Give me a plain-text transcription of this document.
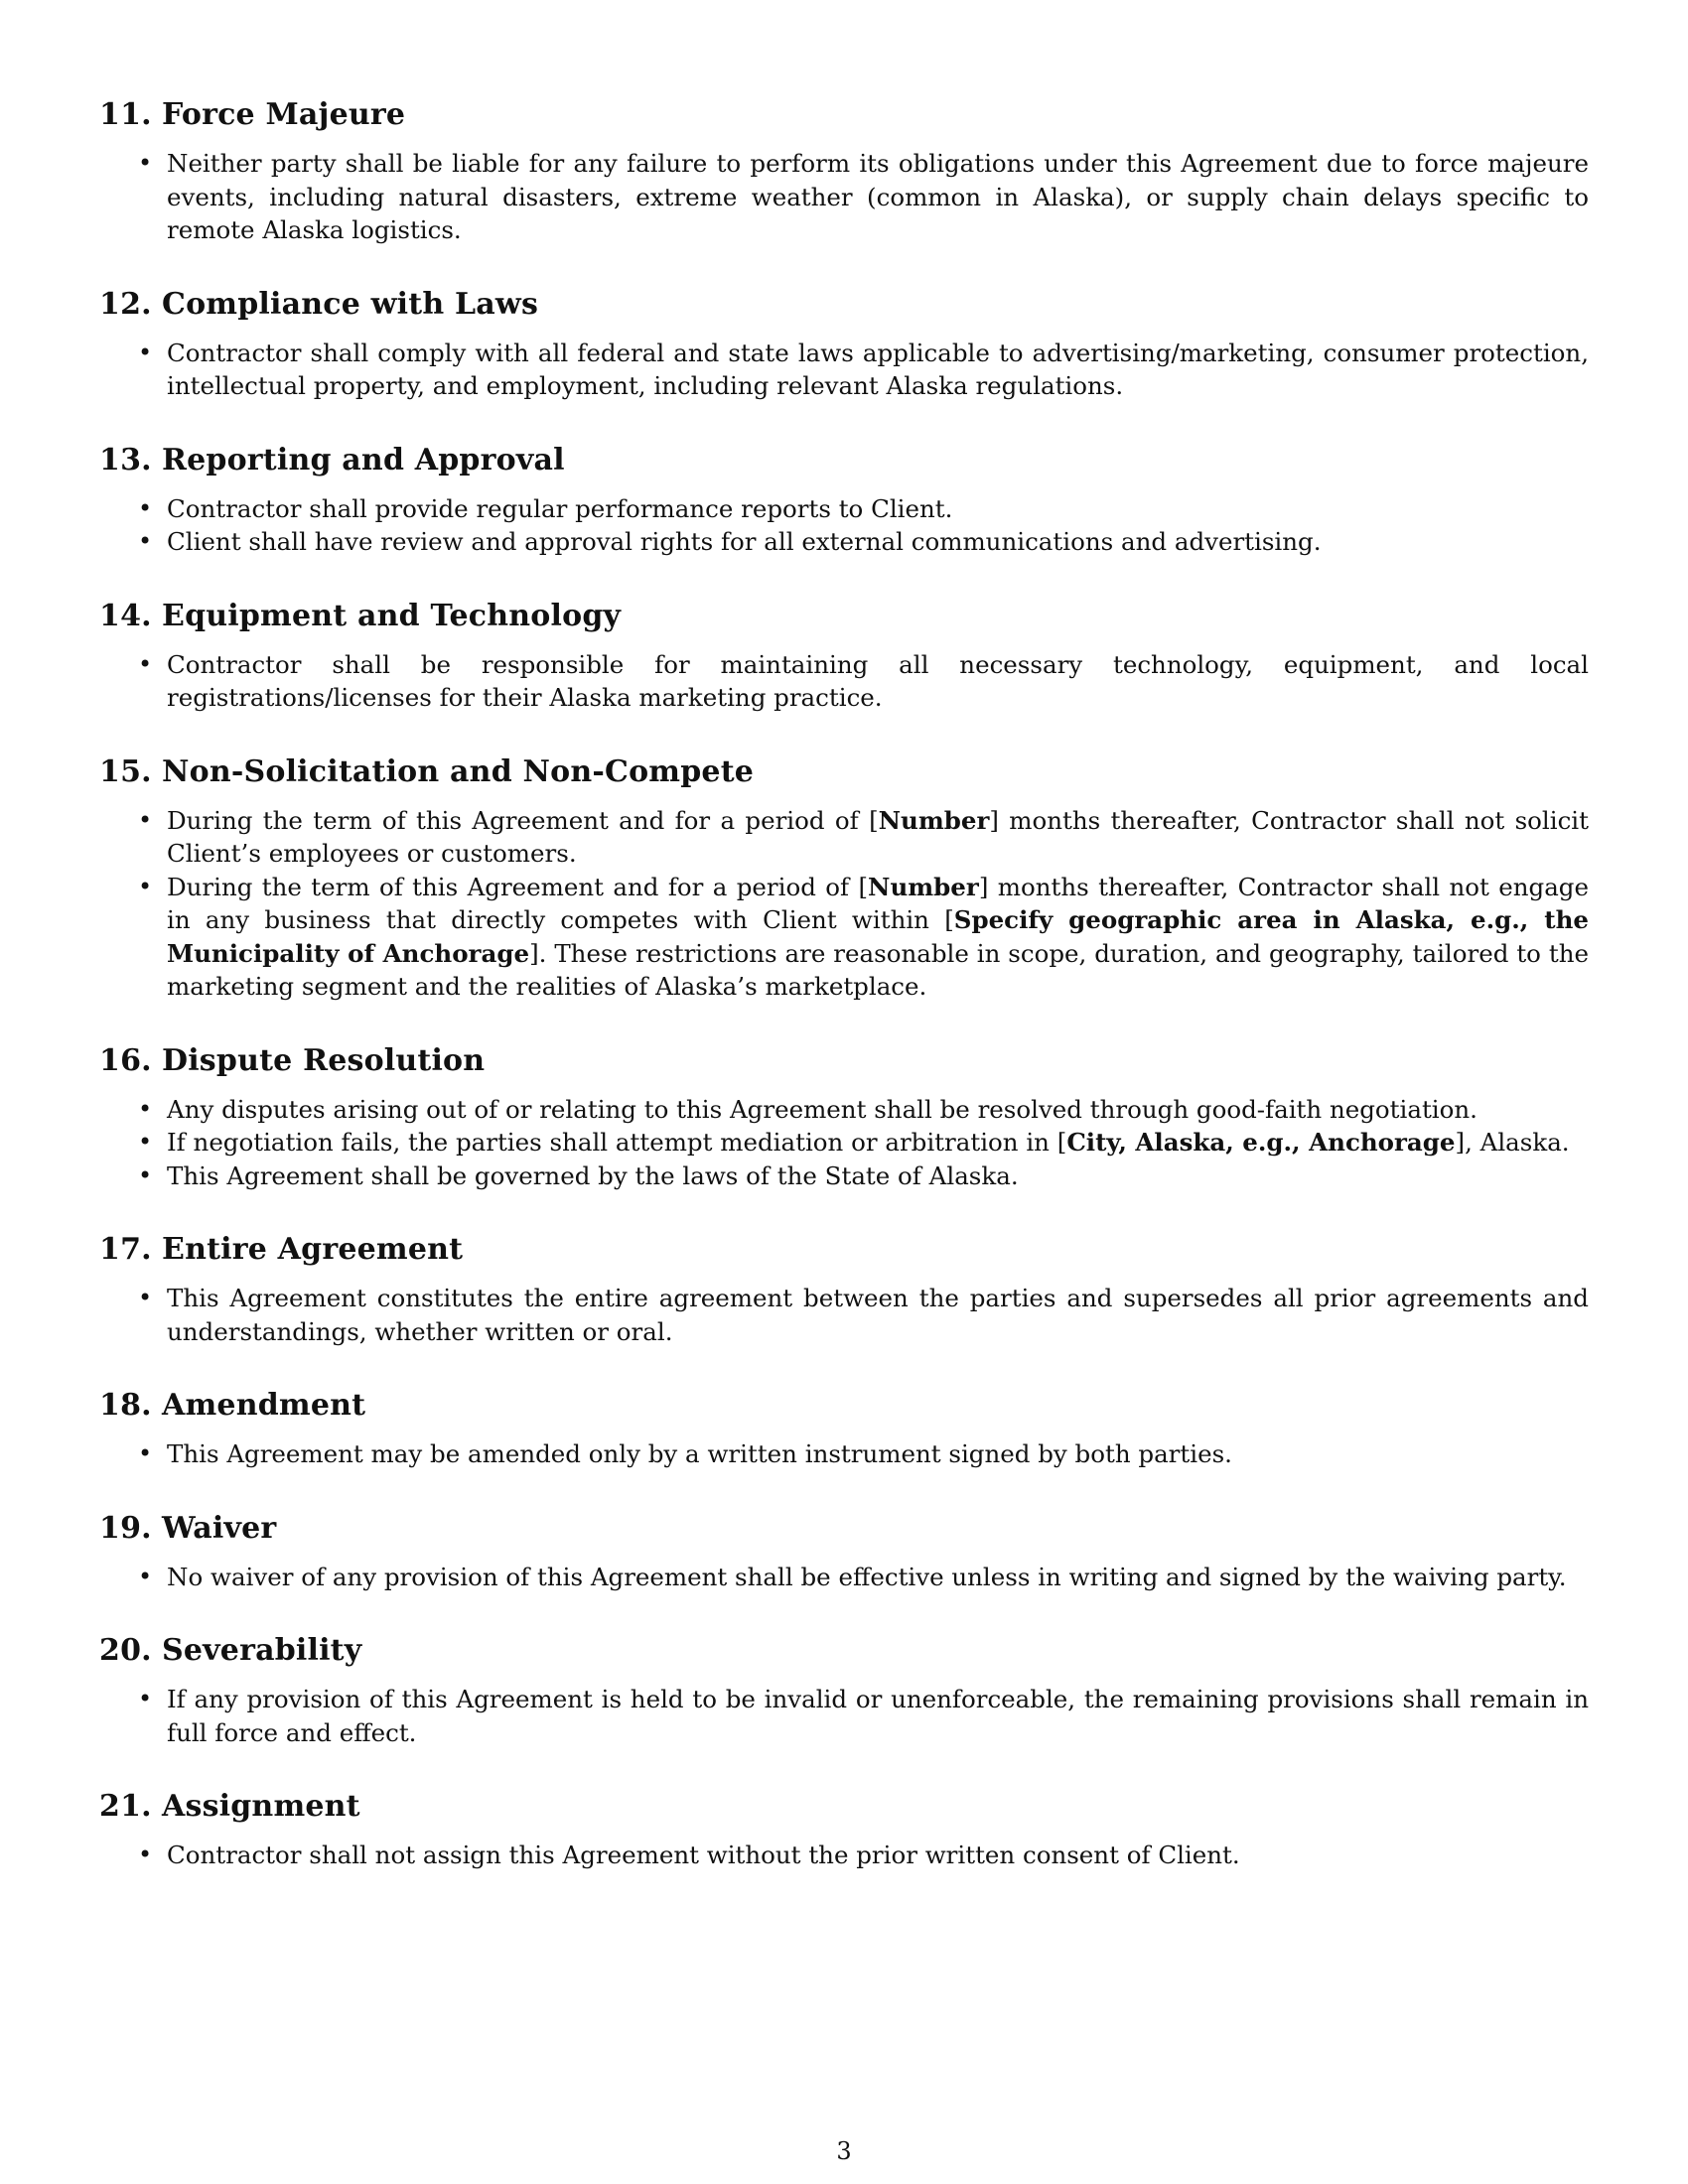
11. Force Majeure
• Neither party shall be liable for any failure to perform its obligations under this Agreement due to force majeure events, including natural disasters, extreme weather (common in Alaska), or supply chain delays specific to remote Alaska logistics.
12. Compliance with Laws
• Contractor shall comply with all federal and state laws applicable to advertising/marketing, consumer protection, intellectual property, and employment, including relevant Alaska regulations.
13. Reporting and Approval
• Contractor shall provide regular performance reports to Client.
• Client shall have review and approval rights for all external communications and advertising.
14. Equipment and Technology
• Contractor shall be responsible for maintaining all necessary technology, equipment, and local registrations/licenses for their Alaska marketing practice.
15. Non-Solicitation and Non-Compete
• During the term of this Agreement and for a period of [Number] months thereafter, Contractor shall not solicit Client’s employees or customers.
• During the term of this Agreement and for a period of [Number] months thereafter, Contractor shall not engage in any business that directly competes with Client within [Specify geographic area in Alaska, e.g., the Municipality of Anchorage]. These restrictions are reasonable in scope, duration, and geography, tailored to the marketing segment and the realities of Alaska’s marketplace.
16. Dispute Resolution
• Any disputes arising out of or relating to this Agreement shall be resolved through good-faith negotiation.
• If negotiation fails, the parties shall attempt mediation or arbitration in [City, Alaska, e.g., Anchorage], Alaska.
• This Agreement shall be governed by the laws of the State of Alaska.
17. Entire Agreement
• This Agreement constitutes the entire agreement between the parties and supersedes all prior agreements and understandings, whether written or oral.
18. Amendment
• This Agreement may be amended only by a written instrument signed by both parties.
19. Waiver
• No waiver of any provision of this Agreement shall be effective unless in writing and signed by the waiving party.
20. Severability
• If any provision of this Agreement is held to be invalid or unenforceable, the remaining provisions shall remain in full force and effect.
21. Assignment
• Contractor shall not assign this Agreement without the prior written consent of Client.
3
